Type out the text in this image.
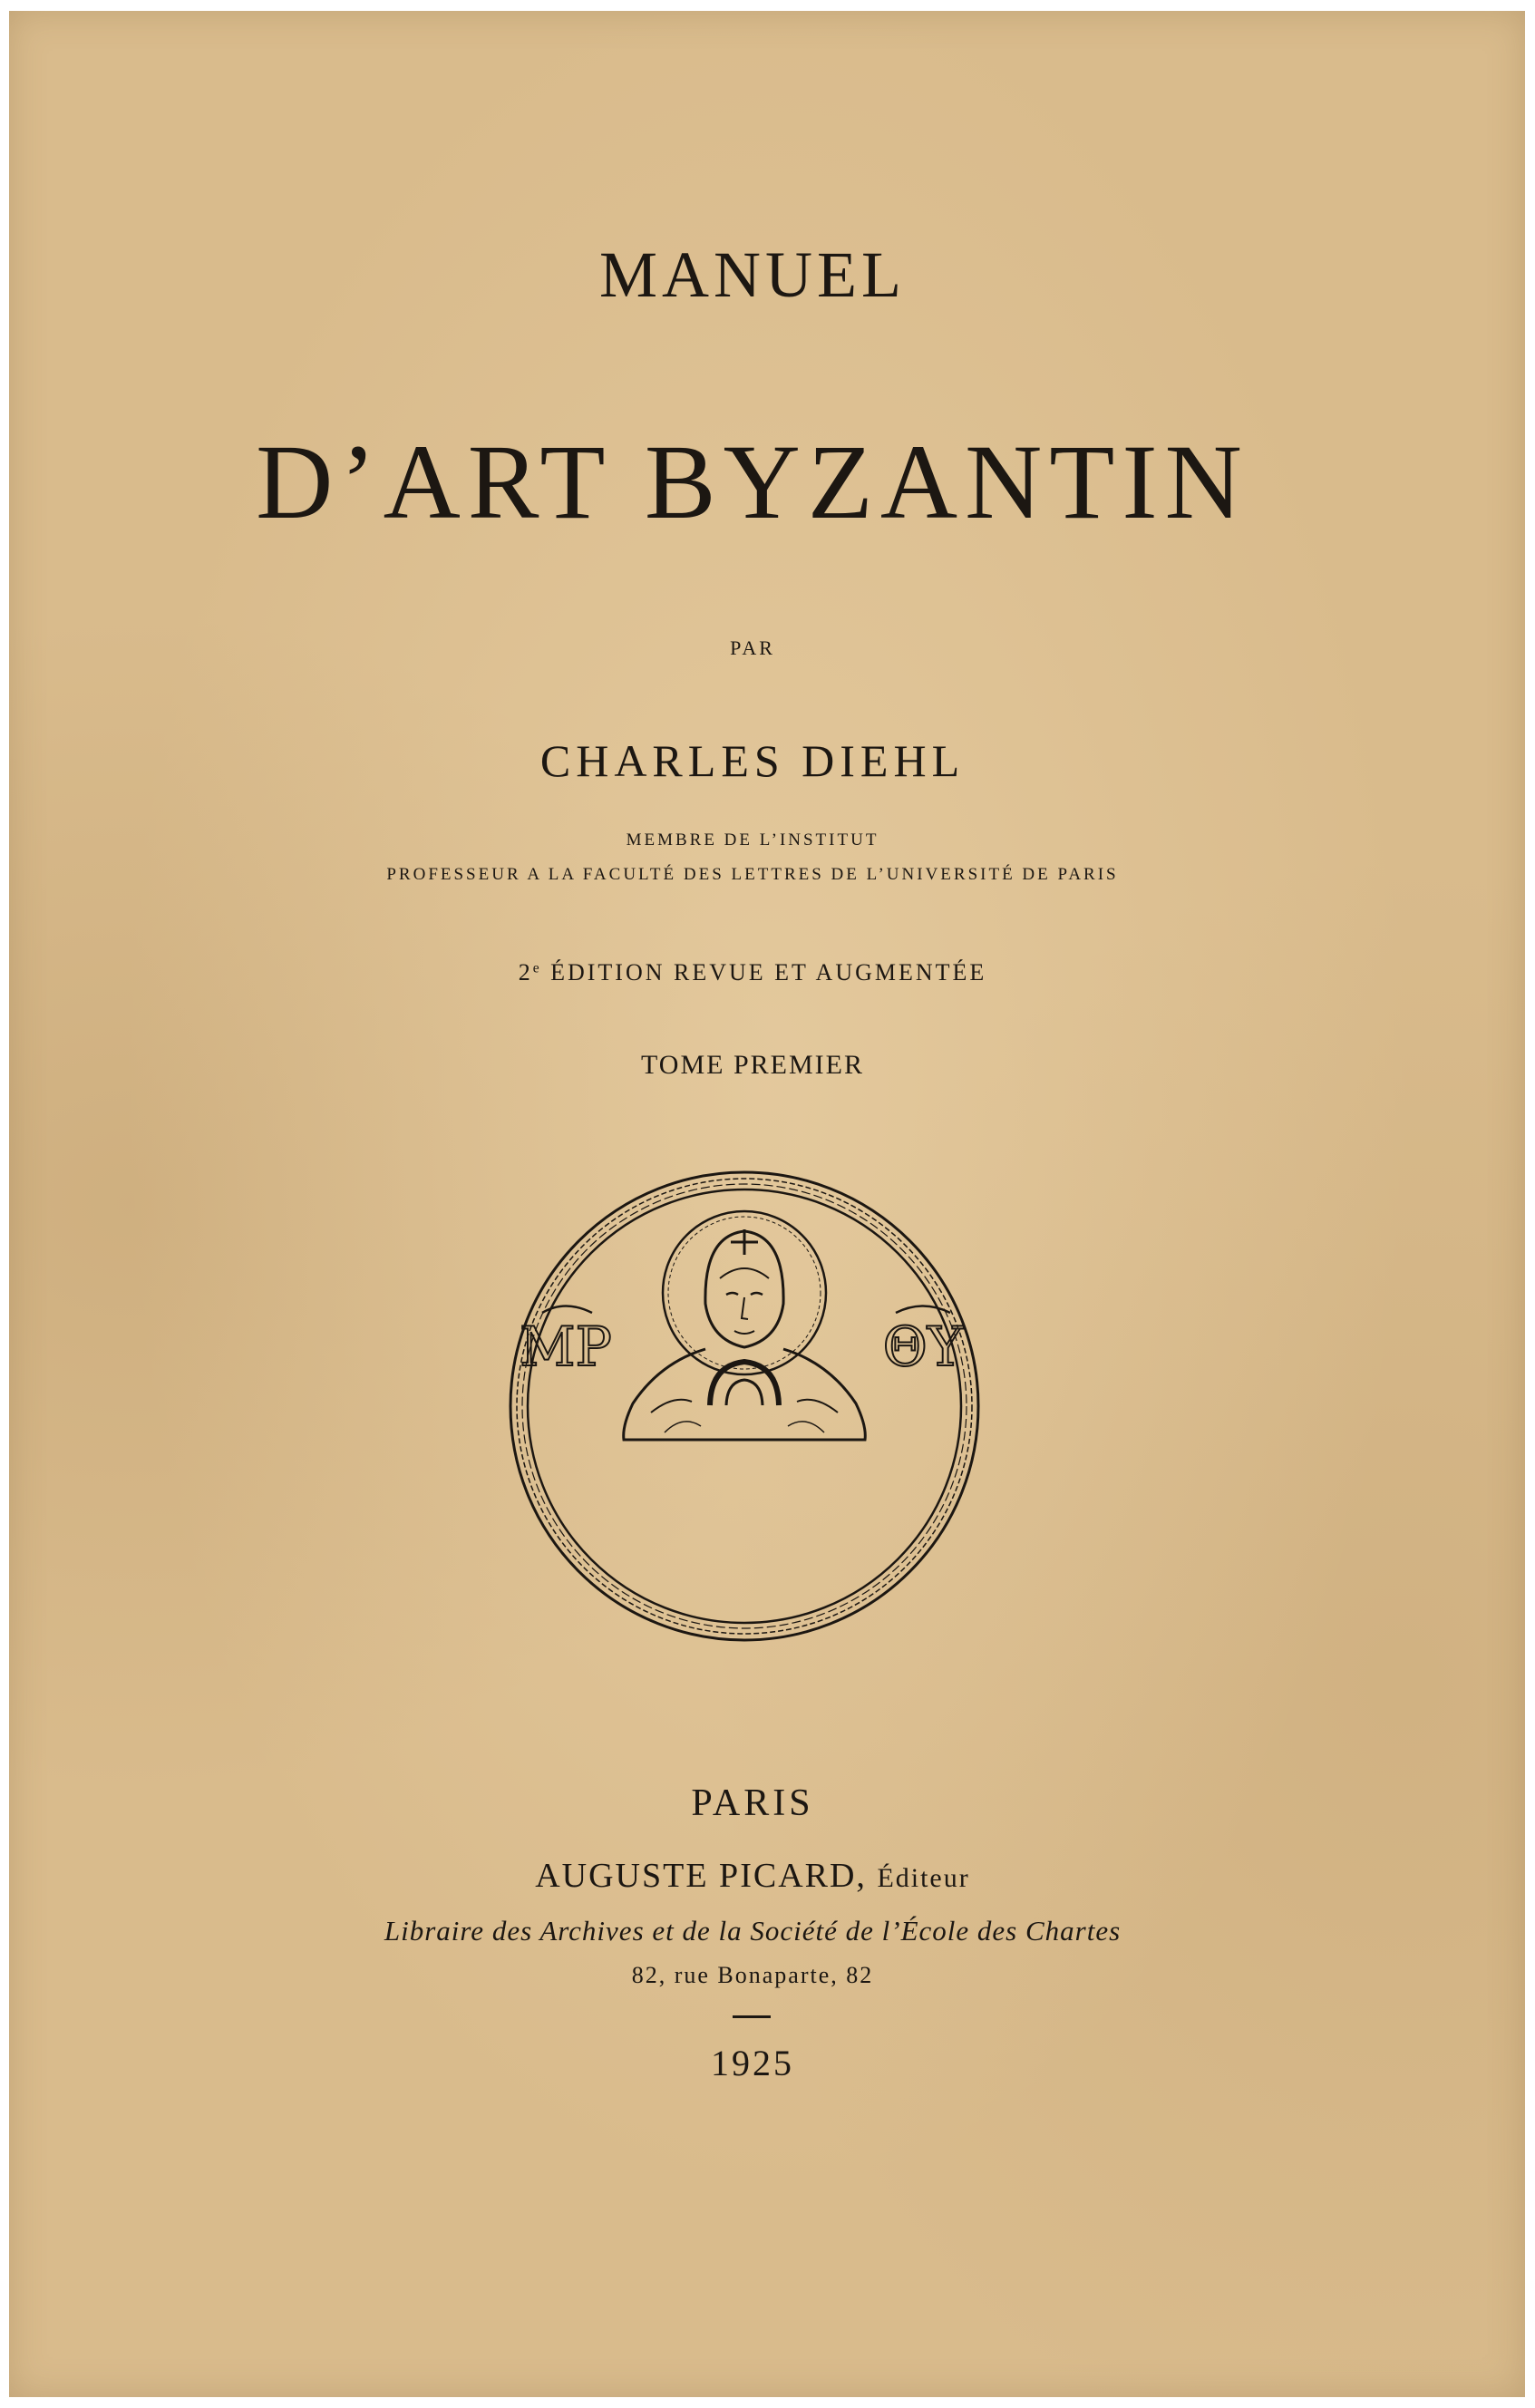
MANUEL
D’ART BYZANTIN
PAR
CHARLES DIEHL
MEMBRE DE L’INSTITUT
PROFESSEUR A LA FACULTÉ DES LETTRES DE L’UNIVERSITÉ DE PARIS
2e ÉDITION REVUE ET AUGMENTÉE
TOME PREMIER
ΜΡ	ΘΥ
PARIS
AUGUSTE PICARD, Éditeur
Libraire des Archives et de la Société de l’École des Chartes
82, rue Bonaparte, 82
1925
